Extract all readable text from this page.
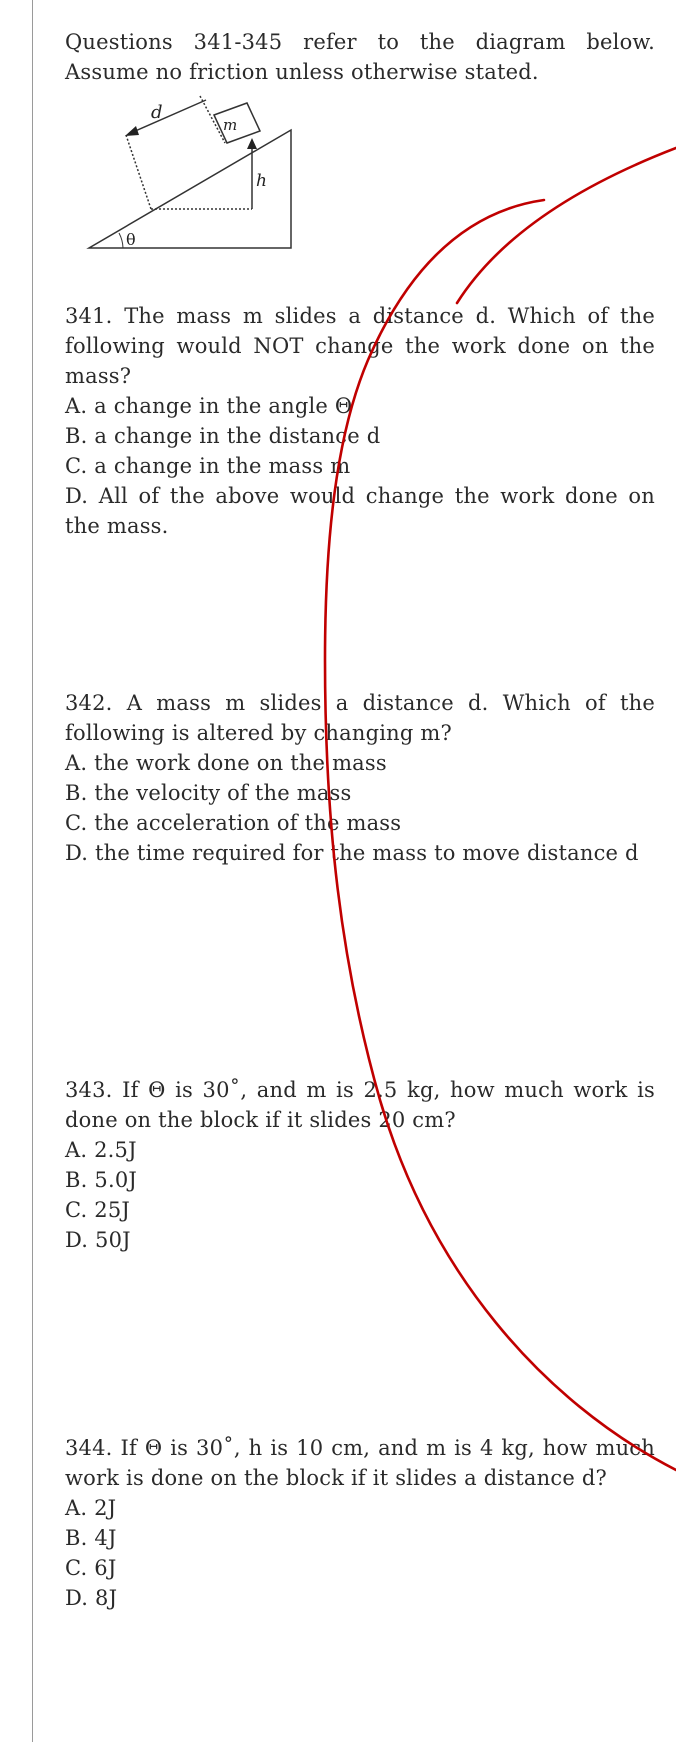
Questions 341-345 refer to the diagram below. Assume no friction unless otherwise stated.
d
m
h
θ
341. The mass m slides a distance d. Which of the following would NOT change the work done on the mass?
A. a change in the angle Θ
B. a change in the distance d
C. a change in the mass m
D. All of the above would change the work done on the mass.
342. A mass m slides a distance d. Which of the following is altered by changing m?
A. the work done on the mass
B. the velocity of the mass
C. the acceleration of the mass
D. the time required for the mass to move distance d
343. If Θ is 30˚, and m is 2.5 kg, how much work is done on the block if it slides 20 cm?
A. 2.5J
B. 5.0J
C. 25J
D. 50J
344. If Θ is 30˚, h is 10 cm, and m is 4 kg, how much work is done on the block if it slides a distance d?
A. 2J
B. 4J
C. 6J
D. 8J
